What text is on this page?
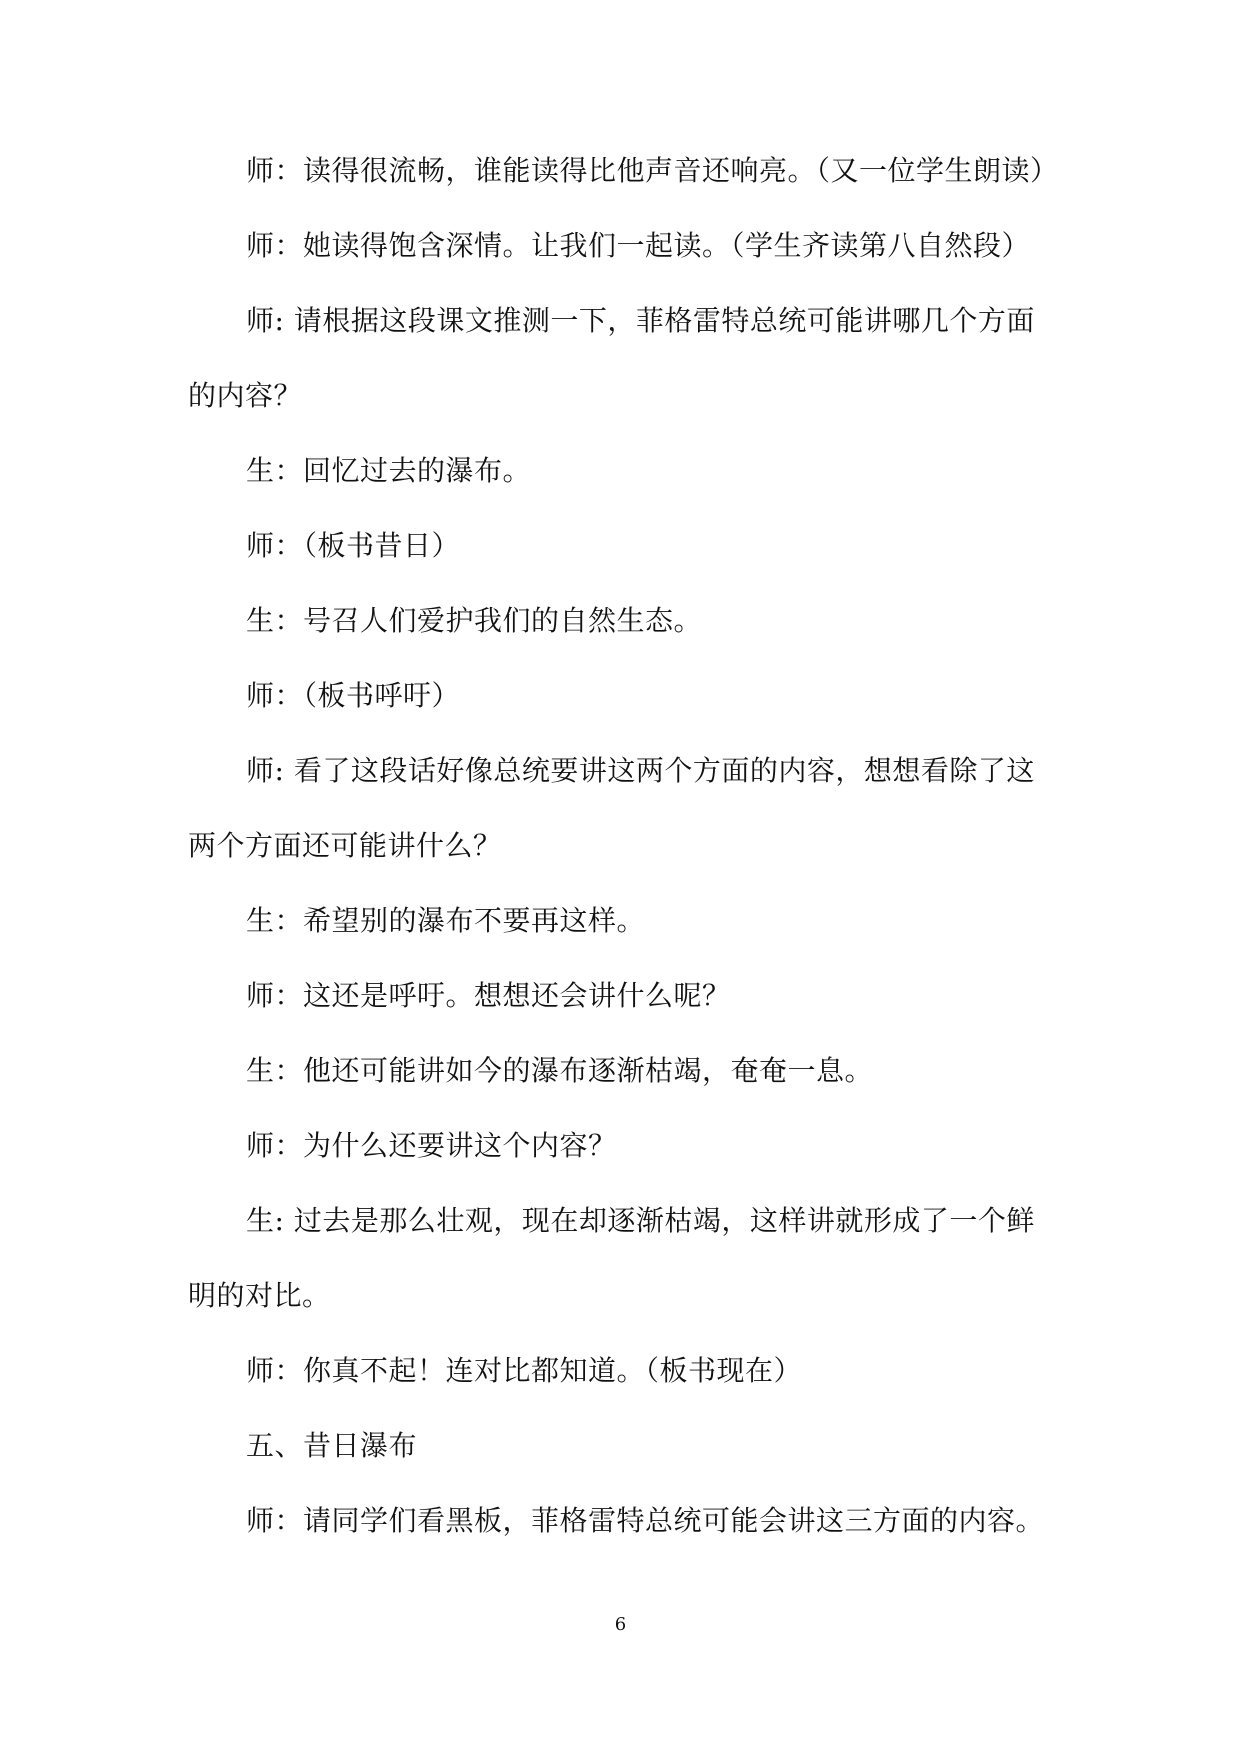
师：读得很流畅，谁能读得比他声音还响亮。（又一位学生朗读）

师：她读得饱含深情。让我们一起读。（学生齐读第八自然段）

师: 请根据这段课文推测一下，菲格雷特总统可能讲哪几个方面的内容？

生：回忆过去的瀑布。

师：（板书昔日）

生：号召人们爱护我们的自然生态。

师：（板书呼吁）

师: 看了这段话好像总统要讲这两个方面的内容，想想看除了这两个方面还可能讲什么？

生：希望别的瀑布不要再这样。

师：这还是呼吁。想想还会讲什么呢？

生：他还可能讲如今的瀑布逐渐枯竭，奄奄一息。

师：为什么还要讲这个内容？

生: 过去是那么壮观，现在却逐渐枯竭，这样讲就形成了一个鲜明的对比。

师：你真不起！连对比都知道。（板书现在）

五、昔日瀑布

师：请同学们看黑板，菲格雷特总统可能会讲这三方面的内容。

6
